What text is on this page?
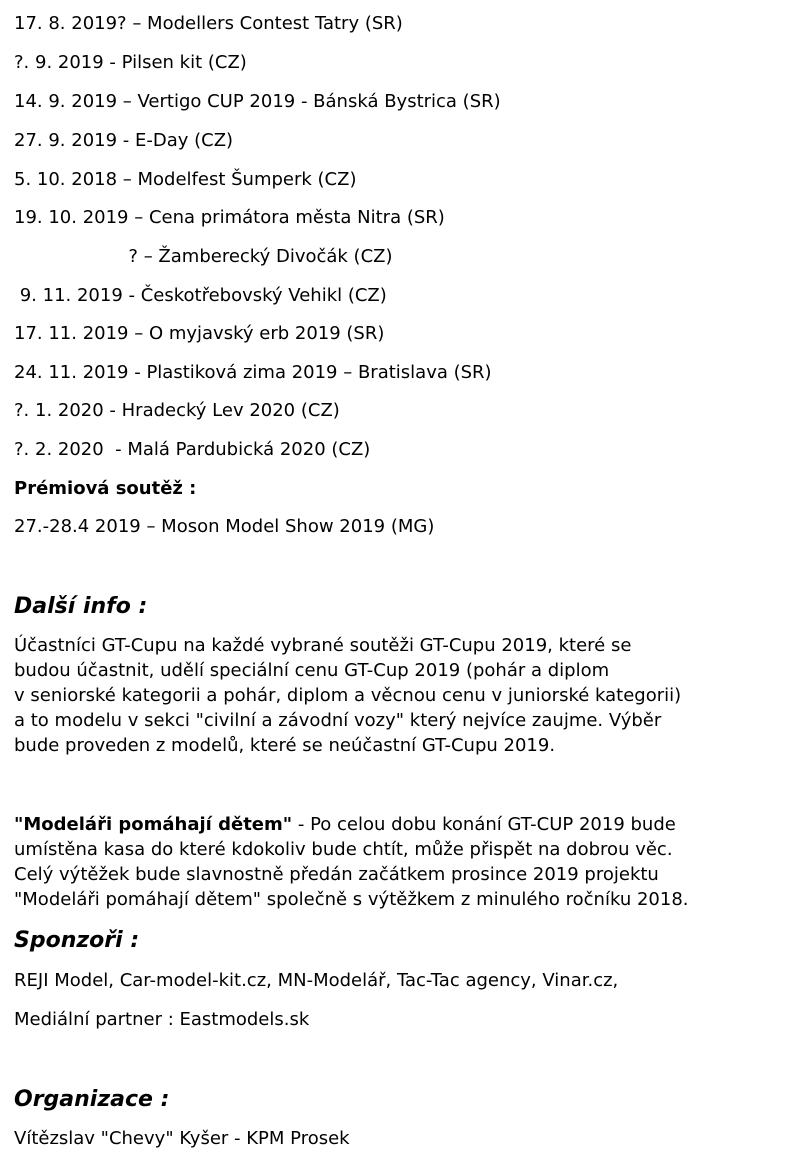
17. 8. 2019? – Modellers Contest Tatry (SR)
?. 9. 2019 - Pilsen kit (CZ)
14. 9. 2019 – Vertigo CUP 2019 - Bánská Bystrica (SR)
27. 9. 2019 - E-Day (CZ)
5. 10. 2018 – Modelfest Šumperk (CZ)
19. 10. 2019 – Cena primátora města Nitra (SR)
? – Žamberecký Divočák (CZ)
9. 11. 2019 - Českotřebovský Vehikl (CZ)
17. 11. 2019 – O myjavský erb 2019 (SR)
24. 11. 2019 - Plastiková zima 2019 – Bratislava (SR)
?. 1. 2020 - Hradecký Lev 2020 (CZ)
?. 2. 2020  - Malá Pardubická 2020 (CZ)
Prémiová soutěž :
27.-28.4 2019 – Moson Model Show 2019 (MG)
Další info :

Účastníci GT-Cupu na každé vybrané soutěži GT-Cupu 2019, které se

budou účastnit, udělí speciální cenu GT-Cup 2019 (pohár a diplom

v seniorské kategorii a pohár, diplom a věcnou cenu v juniorské kategorii)

a to modelu v sekci "civilní a závodní vozy" který nejvíce zaujme. Výběr

bude proveden z modelů, které se neúčastní GT-Cupu 2019.

"Modeláři pomáhají dětem" - Po celou dobu konání GT-CUP 2019 bude

umístěna kasa do které kdokoliv bude chtít, může přispět na dobrou věc.

Celý výtěžek bude slavnostně předán začátkem prosince 2019 projektu

"Modeláři pomáhají dětem" společně s výtěžkem z minulého ročníku 2018.

Sponzoři :
REJI Model, Car-model-kit.cz, MN-Modelář, Tac-Tac agency, Vinar.cz,
Mediální partner : Eastmodels.sk
Organizace :
Vítězslav "Chevy" Kyšer - KPM Prosek
